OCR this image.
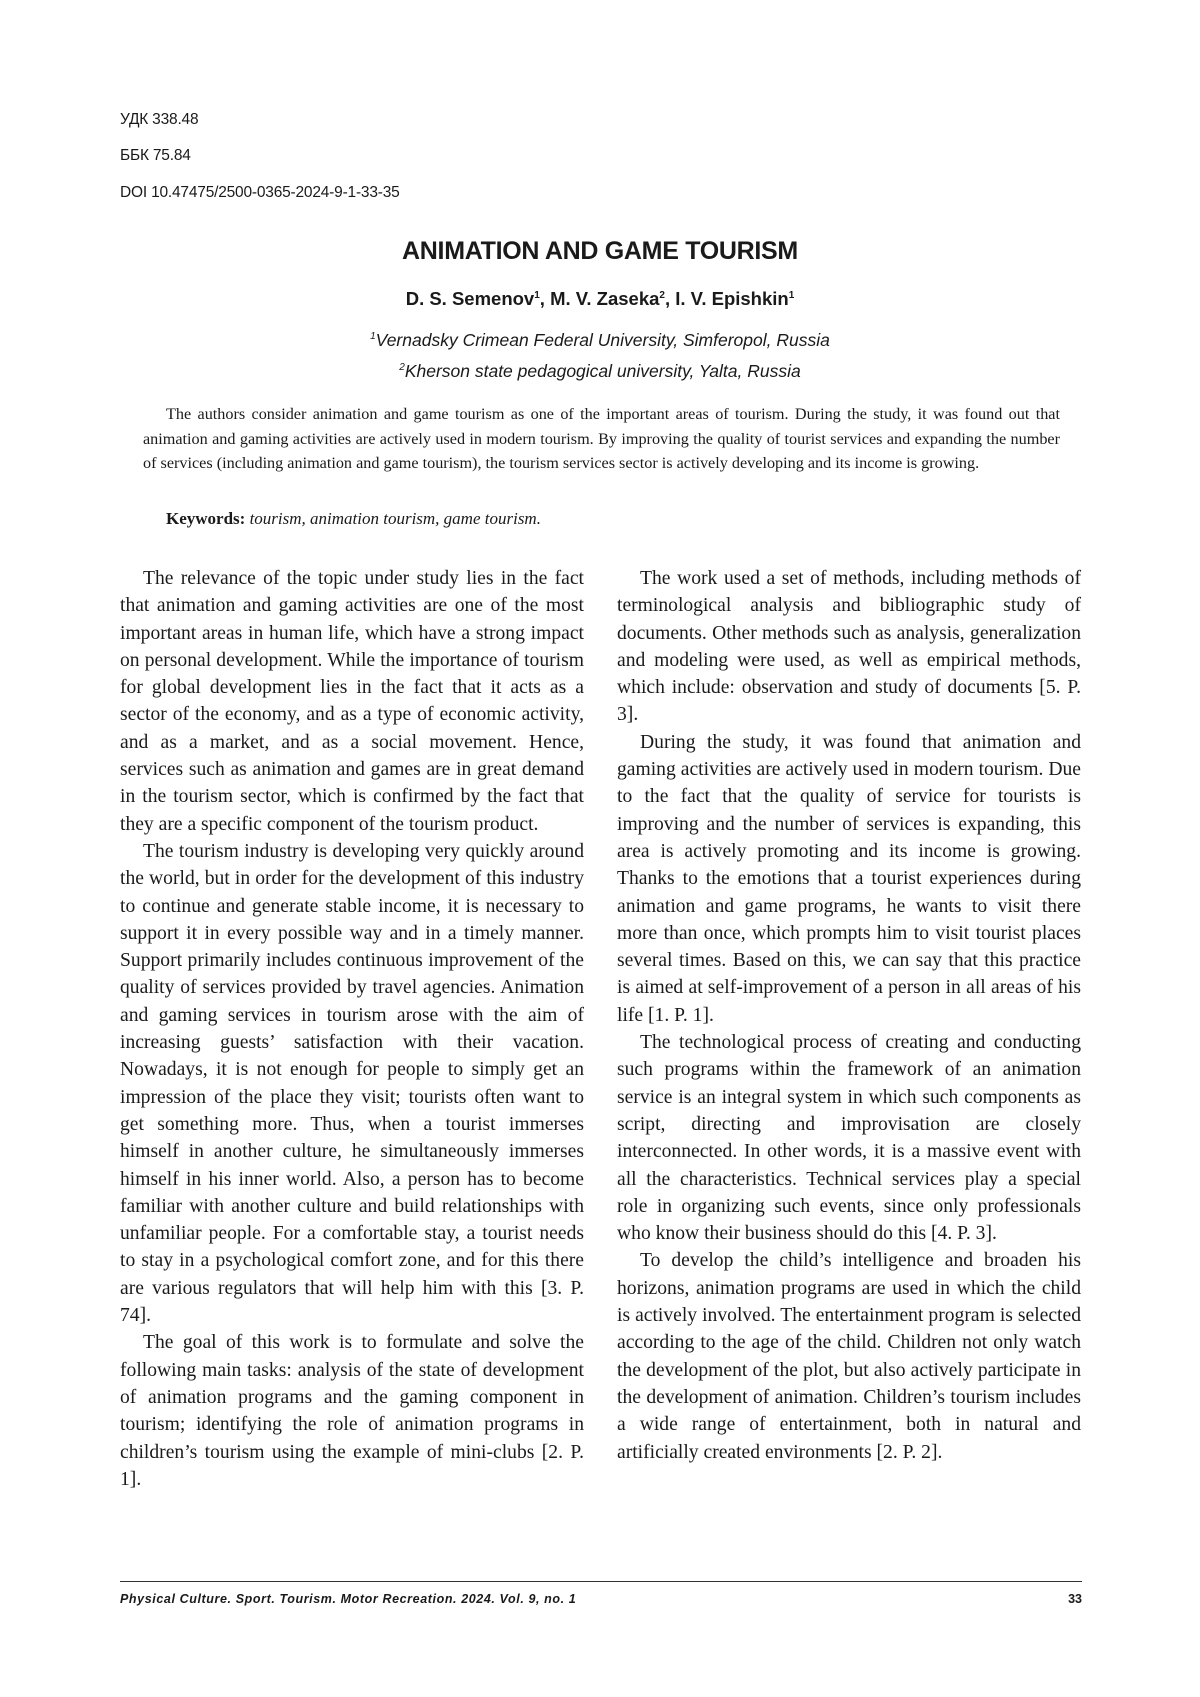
УДК 338.48
ББК 75.84
DOI 10.47475/2500-0365-2024-9-1-33-35
ANIMATION AND GAME TOURISM
D. S. Semenov$^1$, M. V. Zaseka$^2$, I. V. Epishkin$^1$
$^1$Vernadsky Crimean Federal University, Simferopol, Russia
$^2$Kherson state pedagogical university, Yalta, Russia
The authors consider animation and game tourism as one of the important areas of tourism. During the study, it was found out that animation and gaming activities are actively used in modern tourism. By improving the quality of tourist services and expanding the number of services (including animation and game tourism), the tourism services sector is actively developing and its income is growing.
Keywords: tourism, animation tourism, game tourism.

The relevance of the topic under study lies in the fact that animation and gaming activities are one of the most important areas in human life, which have a strong impact on personal development. While the importance of tourism for global development lies in the fact that it acts as a sector of the economy, and as a type of economic activity, and as a market, and as a social movement. Hence, services such as animation and games are in great demand in the tourism sector, which is confirmed by the fact that they are a specific component of the tourism product.

The tourism industry is developing very quickly around the world, but in order for the development of this industry to continue and generate stable income, it is necessary to support it in every possible way and in a timely manner. Support primarily includes continuous improvement of the quality of services provided by travel agencies. Animation and gaming services in tourism arose with the aim of increasing guests’ satisfaction with their vacation. Nowadays, it is not enough for people to simply get an impression of the place they visit; tourists often want to get something more. Thus, when a tourist immerses himself in another culture, he simultaneously immerses himself in his inner world. Also, a person has to become familiar with another culture and build relationships with unfamiliar people. For a comfortable stay, a tourist needs to stay in a psychological comfort zone, and for this there are various regulators that will help him with this [3. P. 74].

The goal of this work is to formulate and solve the following main tasks: analysis of the state of development of animation programs and the gaming component in tourism; identifying the role of animation programs in children’s tourism using the example of mini-clubs [2. P. 1].

The work used a set of methods, including methods of terminological analysis and bibliographic study of documents. Other methods such as analysis, generalization and modeling were used, as well as empirical methods, which include: observation and study of documents [5. P. 3].

During the study, it was found that animation and gaming activities are actively used in modern tourism. Due to the fact that the quality of service for tourists is improving and the number of services is expanding, this area is actively promoting and its income is growing. Thanks to the emotions that a tourist experiences during animation and game programs, he wants to visit there more than once, which prompts him to visit tourist places several times. Based on this, we can say that this practice is aimed at self-improvement of a person in all areas of his life [1. P. 1].

The technological process of creating and conducting such programs within the framework of an animation service is an integral system in which such components as script, directing and improvisation are closely interconnected. In other words, it is a massive event with all the characteristics. Technical services play a special role in organizing such events, since only professionals who know their business should do this [4. P. 3].

To develop the child’s intelligence and broaden his horizons, animation programs are used in which the child is actively involved. The entertainment program is selected according to the age of the child. Children not only watch the development of the plot, but also actively participate in the development of animation. Children’s tourism includes a wide range of entertainment, both in natural and artificially created environments [2. P. 2].

Physical Culture. Sport. Tourism. Motor Recreation. 2024. Vol. 9, no. 1	33
